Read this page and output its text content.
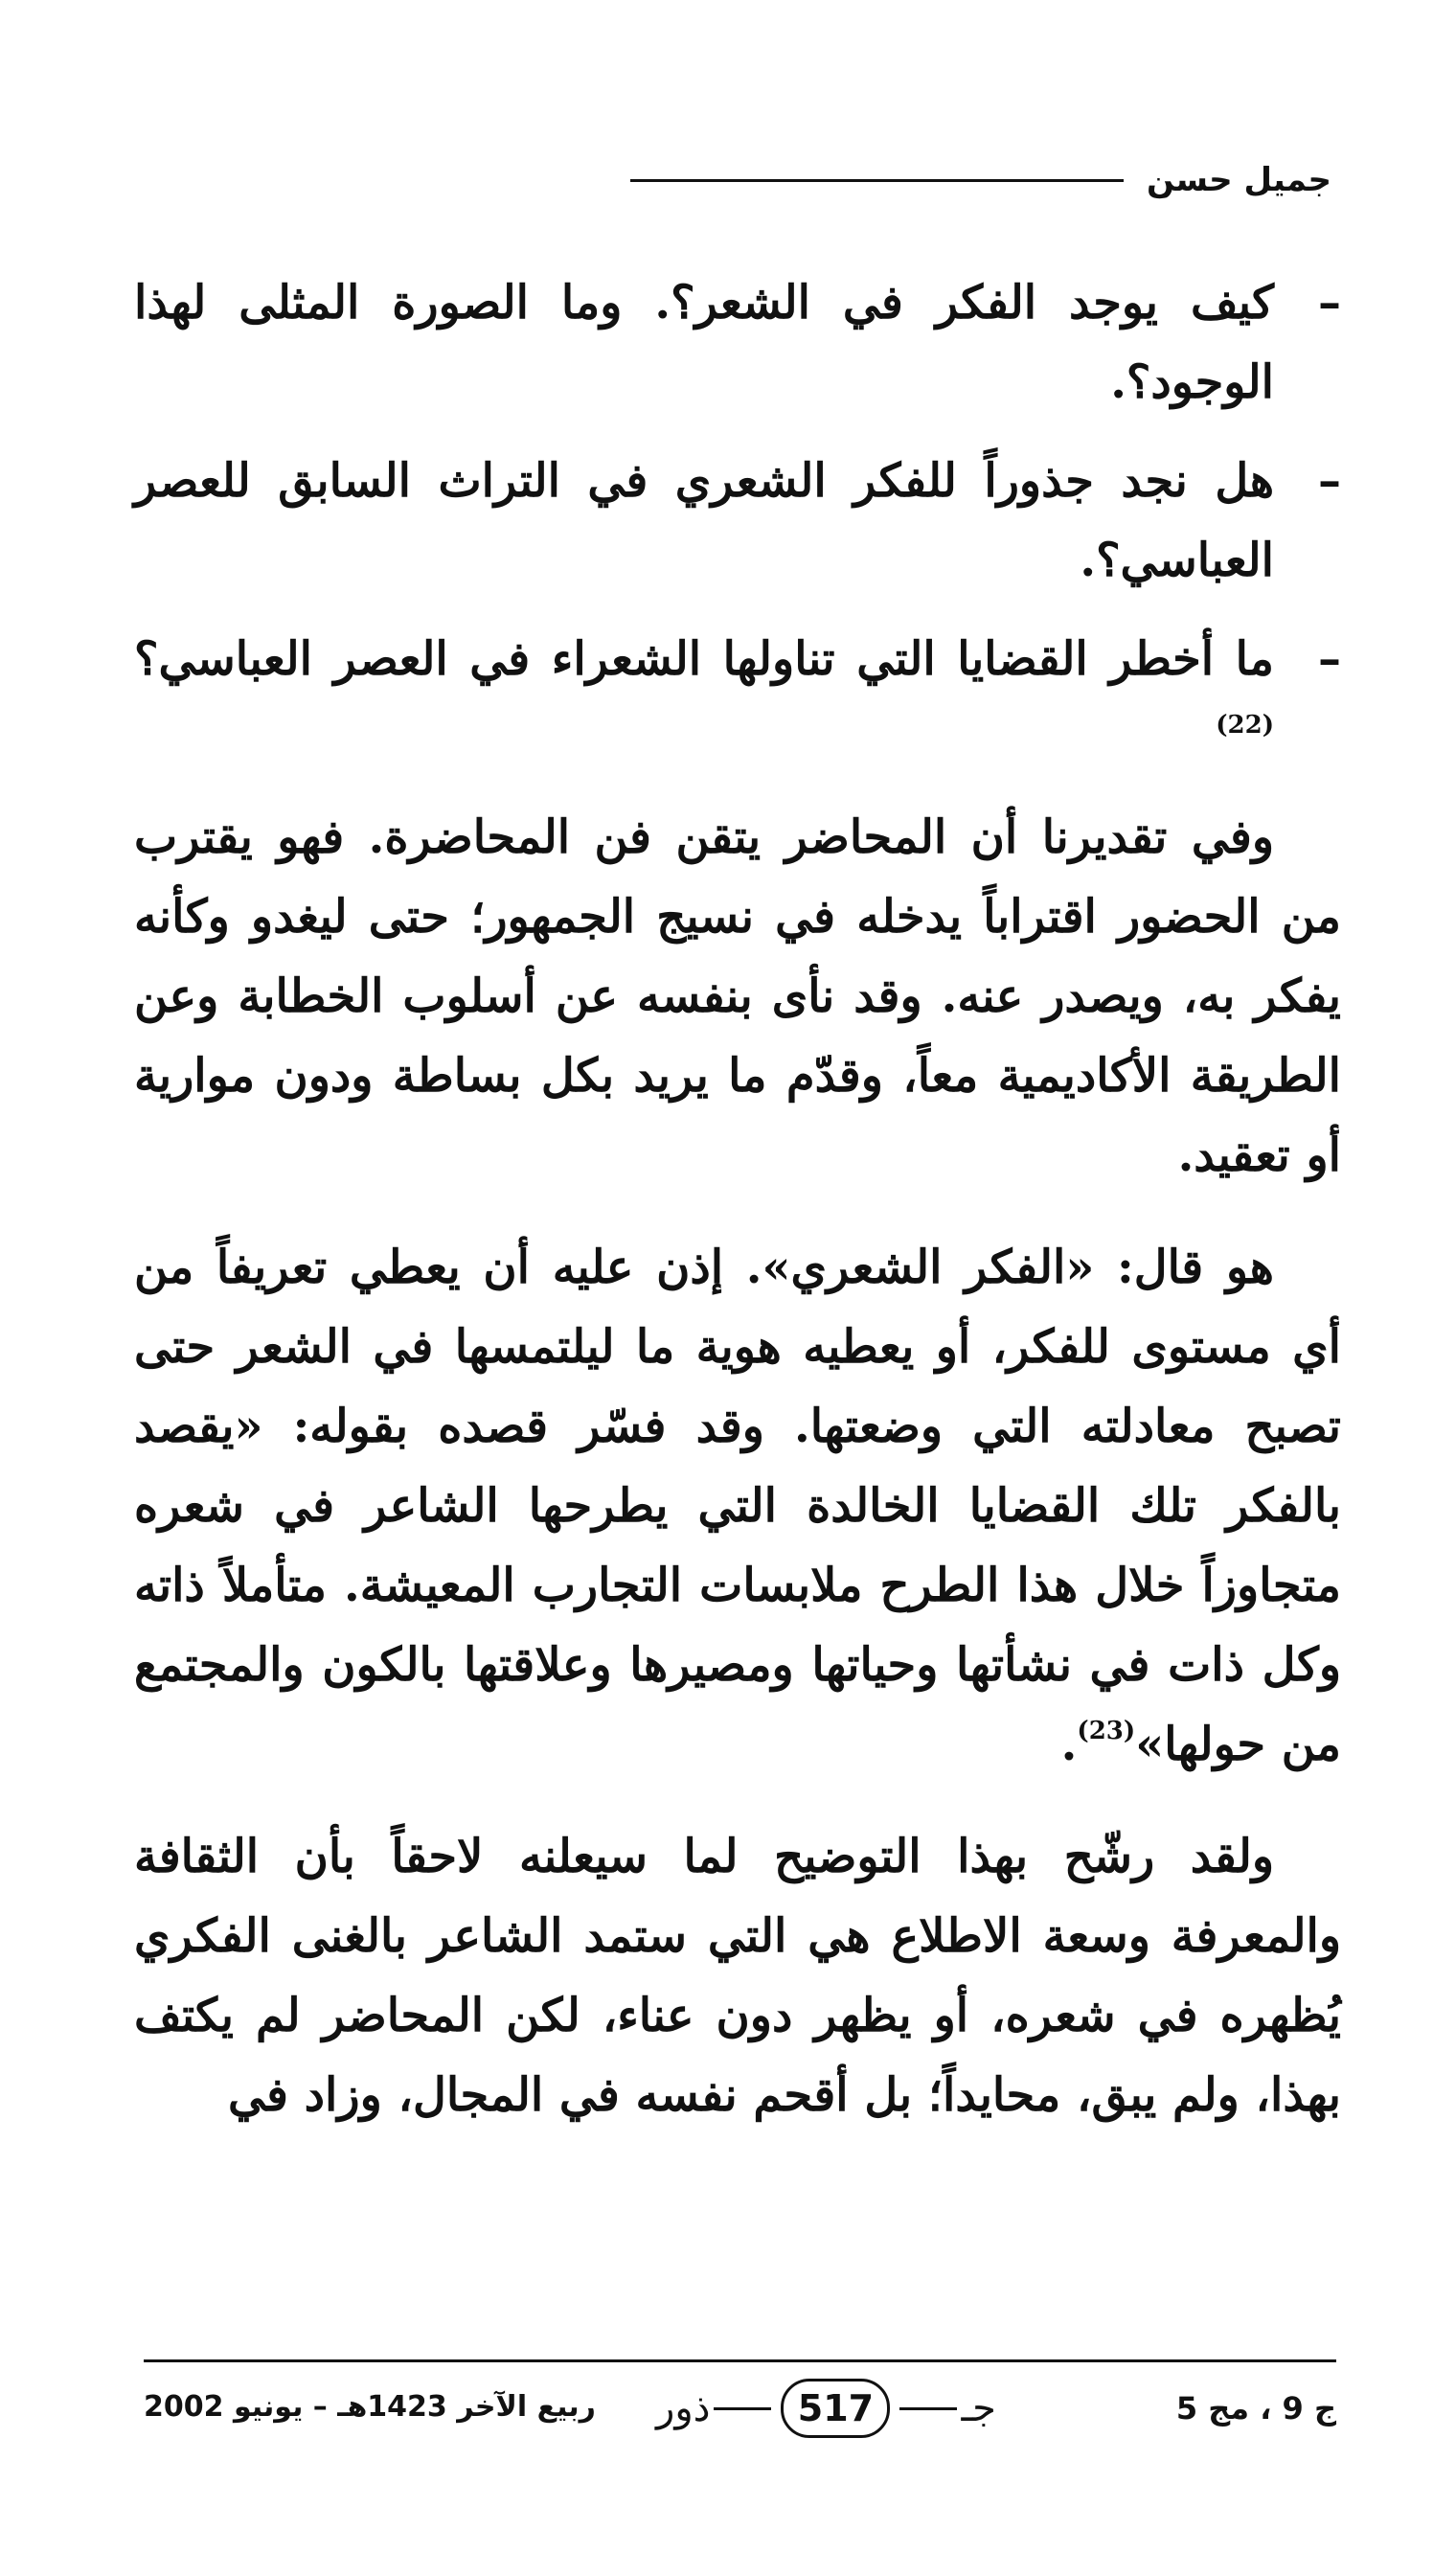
جميل حسن

–كيف يوجد الفكر في الشعر؟. وما الصورة المثلى لهذا الوجود؟.

–هل نجد جذوراً للفكر الشعري في التراث السابق للعصر العباسي؟.

–ما أخطر القضايا التي تناولها الشعراء في العصر العباسي؟$^{(22)}$

وفي تقديرنا أن المحاضر يتقن فن المحاضرة. فهو يقترب من الحضور اقتراباً يدخله في نسيج الجمهور؛ حتى ليغدو وكأنه يفكر به، ويصدر عنه. وقد نأى بنفسه عن أسلوب الخطابة وعن الطريقة الأكاديمية معاً، وقدّم ما يريد بكل بساطة ودون موارية أو تعقيد.

هو قال: «الفكر الشعري». إذن عليه أن يعطي تعريفاً من أي مستوى للفكر، أو يعطيه هوية ما ليلتمسها في الشعر حتى تصبح معادلته التي وضعتها. وقد فسّر قصده بقوله: «يقصد بالفكر تلك القضايا الخالدة التي يطرحها الشاعر في شعره متجاوزاً خلال هذا الطرح ملابسات التجارب المعيشة. متأملاً ذاته وكل ذات في نشأتها وحياتها ومصيرها وعلاقتها بالكون والمجتمع من حولها»$^{(23)}$.

ولقد رشّح بهذا التوضيح لما سيعلنه لاحقاً بأن الثقافة والمعرفة وسعة الاطلاع هي التي ستمد الشاعر بالغنى الفكري يُظهره في شعره، أو يظهر دون عناء، لكن المحاضر لم يكتف بهذا، ولم يبق، محايداً؛ بل أقحم نفسه في المجال، وزاد في

ج 9 ، مج 5
جـ
517
ذور
ربيع الآخر 1423هـ – يونيو 2002
